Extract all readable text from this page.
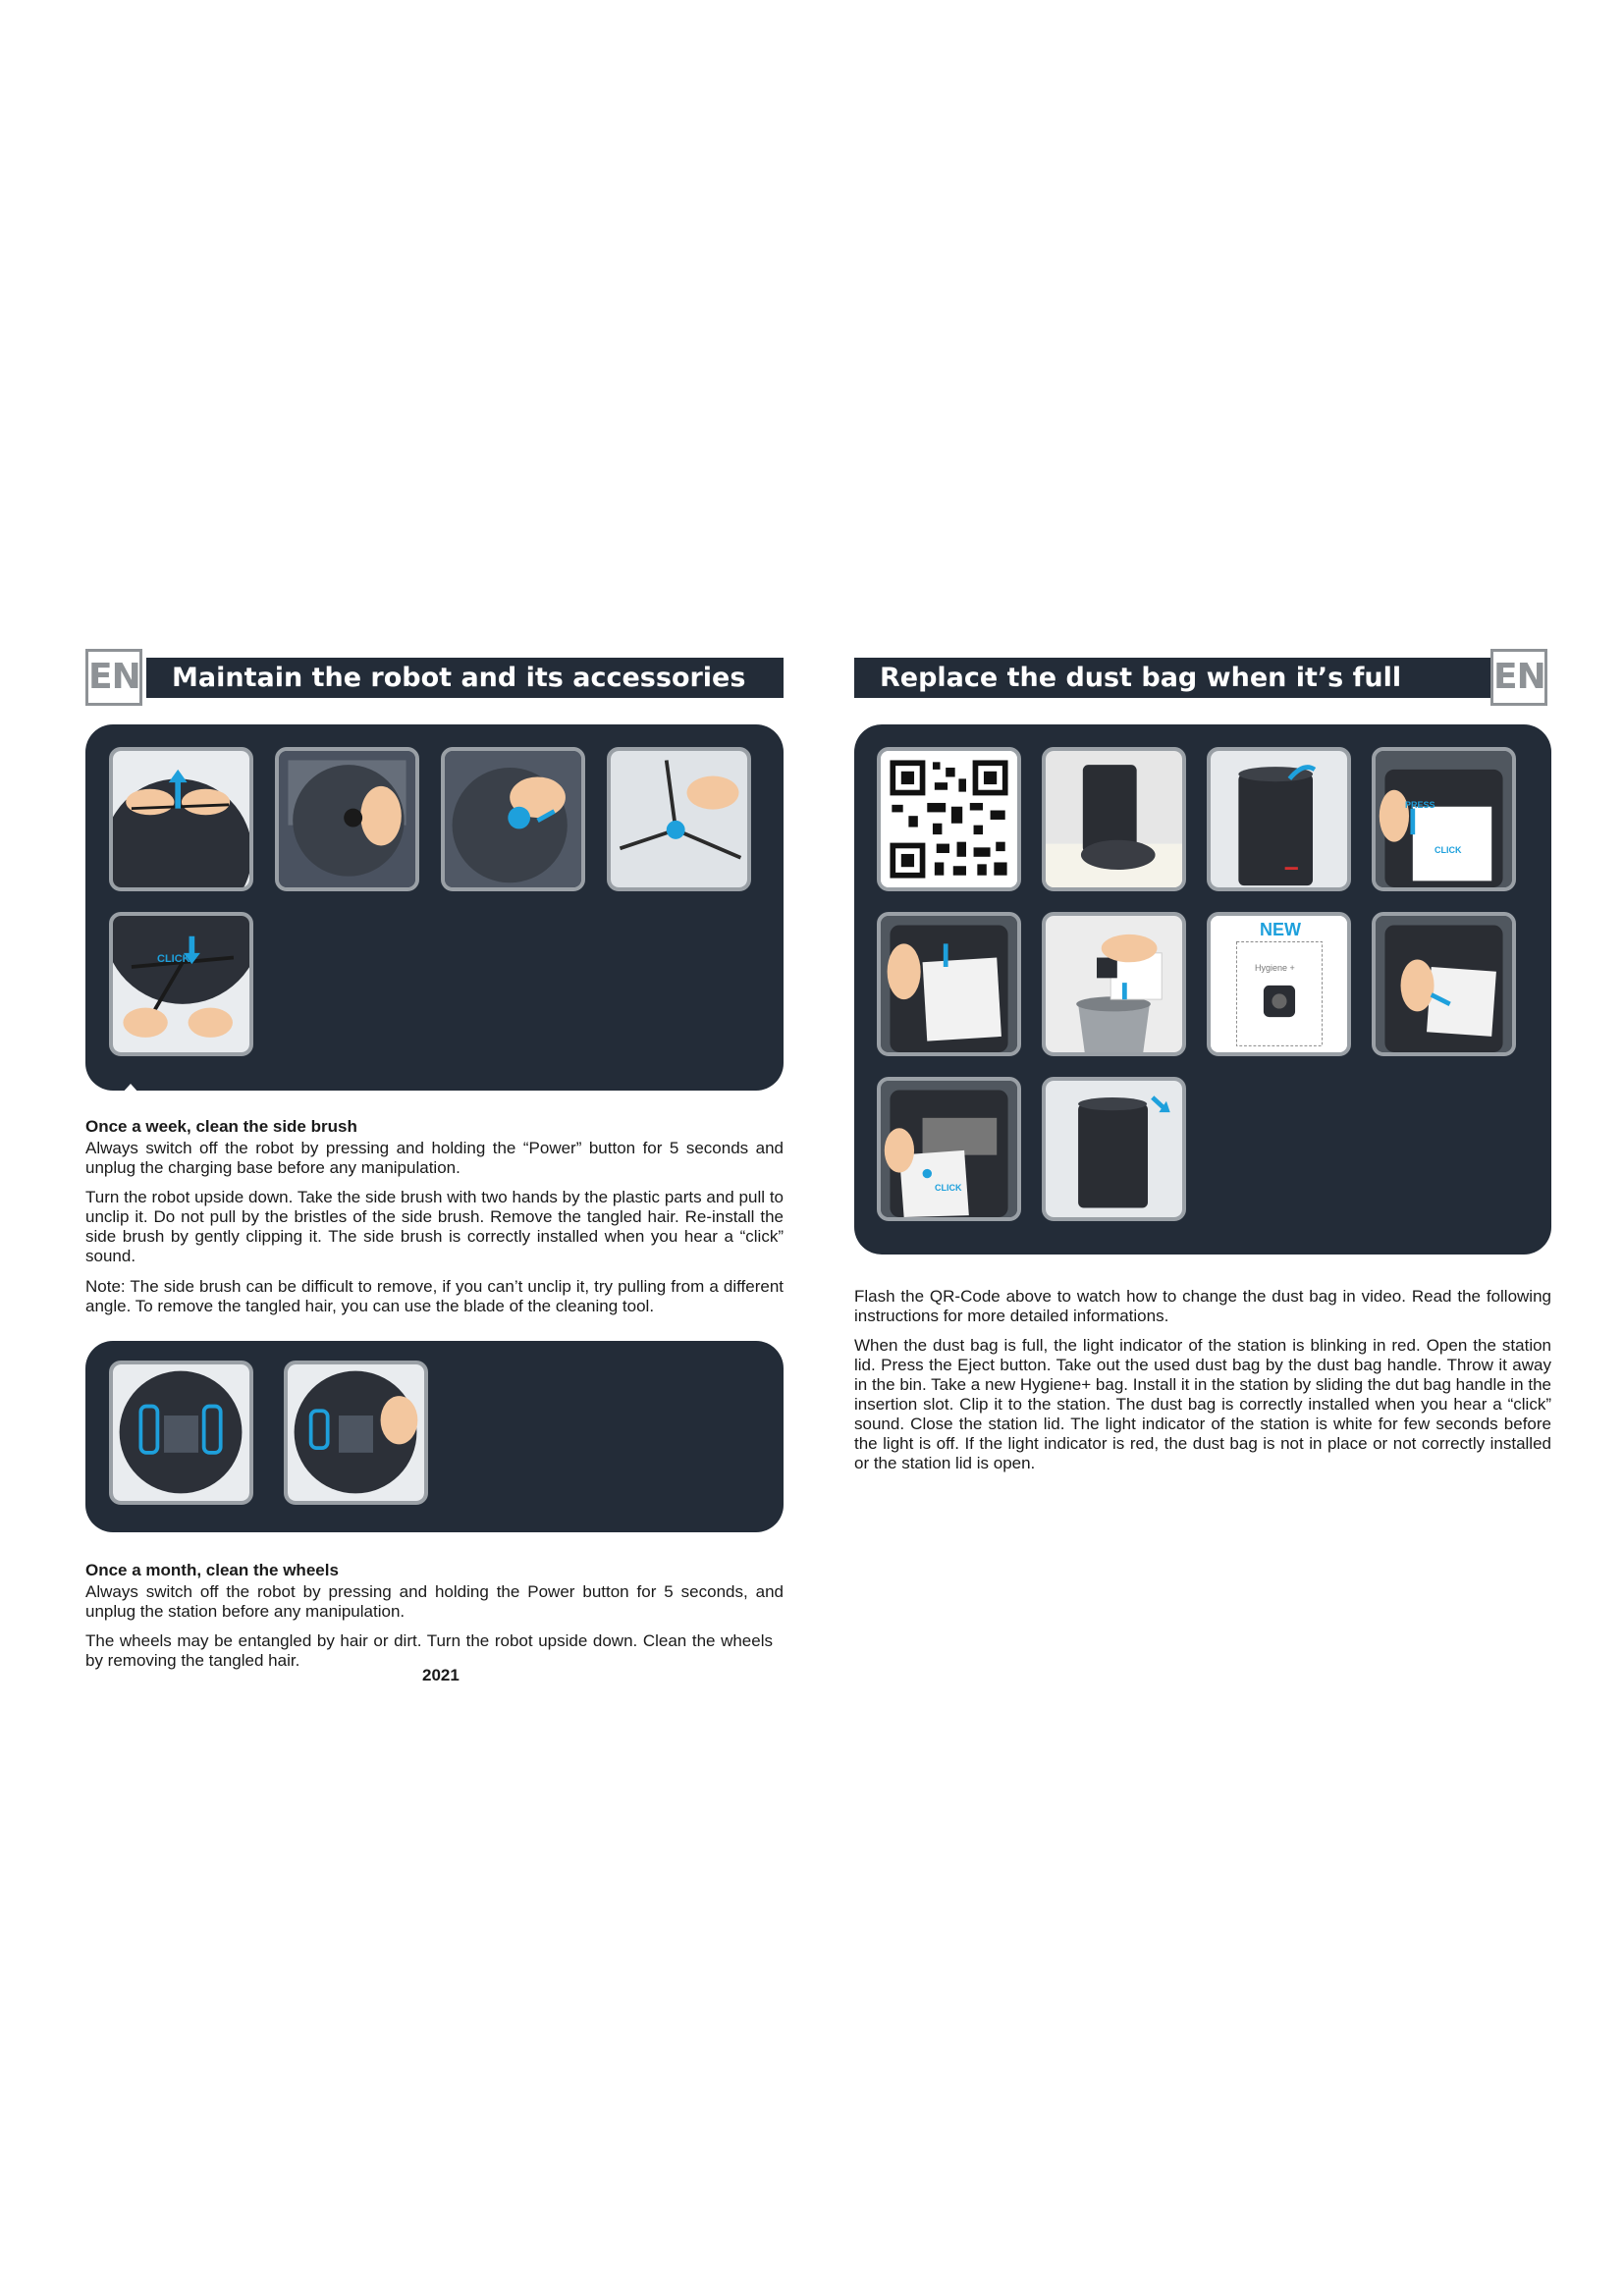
EN	Maintain the robot and its accessories
CLICK
Once a week, clean the side brush

Always switch off the robot by pressing and holding the “Power” button for 5 seconds and unplug the charging base before any manipulation.

Turn the robot upside down. Take the side brush with two hands by the plastic parts and pull to unclip it. Do not pull by the bristles of the side brush. Remove the tangled hair. Re-install the side brush by gently clipping it. The side brush is correctly installed when you hear a “click” sound.

Note: The side brush can be difficult to remove, if you can’t unclip it, try pulling from a different angle. To remove the tangled hair, you can use the blade of the cleaning tool.

Once a month, clean the wheels

Always switch off the robot by pressing and holding the Power button for 5 seconds, and unplug the station before any manipulation.

The wheels may be entangled by hair or dirt. Turn the robot upside down. Clean the wheels by removing the tangled hair.

2021
Replace the dust bag when it’s full	EN
PRESS
CLICK
NEW
Hygiene +
CLICK

Flash the QR-Code above to watch how to change the dust bag in video. Read the following instructions for more detailed informations.

When the dust bag is full, the light indicator of the station is blinking in red. Open the station lid. Press the Eject button. Take out the used dust bag by the dust bag handle. Throw it away in the bin. Take a new Hygiene+ bag. Install it in the station by sliding the dut bag handle in the insertion slot. Clip it to the station. The dust bag is correctly installed when you hear a “click” sound. Close the station lid. The light indicator of the station is white for few seconds before the light is off. If the light indicator is red, the dust bag is not in place or not correctly installed or the station lid is open.
